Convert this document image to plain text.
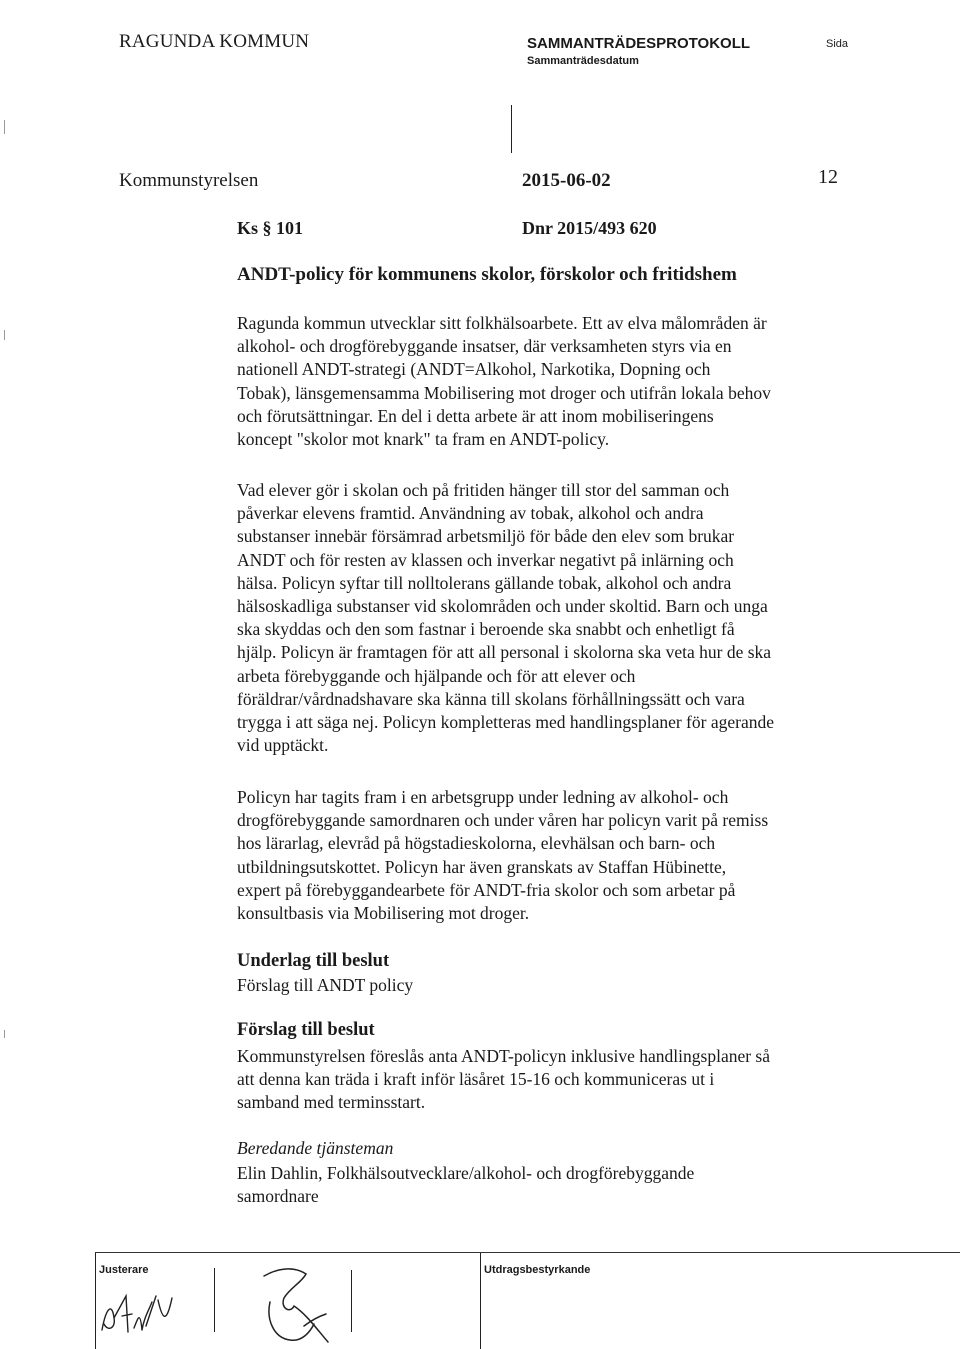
RAGUNDA KOMMUN	SAMMANTRÄDESPROTOKOLL
Sammanträdesdatum
Sida
Kommunstyrelsen	2015-06-02	12
Ks § 101	Dnr 2015/493 620
ANDT-policy för kommunens skolor, förskolor och fritidshem
Ragunda kommun utvecklar sitt folkhälsoarbete. Ett av elva målområden är
alkohol- och drogförebyggande insatser, där verksamheten styrs via en
nationell ANDT-strategi (ANDT=Alkohol, Narkotika, Dopning och
Tobak), länsgemensamma Mobilisering mot droger och utifrån lokala behov
och förutsättningar. En del i detta arbete är att inom mobiliseringens
koncept "skolor mot knark" ta fram en ANDT-policy.
Vad elever gör i skolan och på fritiden hänger till stor del samman och
påverkar elevens framtid. Användning av tobak, alkohol och andra
substanser innebär försämrad arbetsmiljö för både den elev som brukar
ANDT och för resten av klassen och inverkar negativt på inlärning och
hälsa. Policyn syftar till nolltolerans gällande tobak, alkohol och andra
hälsoskadliga substanser vid skolområden och under skoltid. Barn och unga
ska skyddas och den som fastnar i beroende ska snabbt och enhetligt få
hjälp. Policyn är framtagen för att all personal i skolorna ska veta hur de ska
arbeta förebyggande och hjälpande och för att elever och
föräldrar/vårdnadshavare ska känna till skolans förhållningssätt och vara
trygga i att säga nej. Policyn kompletteras med handlingsplaner för agerande
vid upptäckt.
Policyn har tagits fram i en arbetsgrupp under ledning av alkohol- och
drogförebyggande samordnaren och under våren har policyn varit på remiss
hos lärarlag, elevråd på högstadieskolorna, elevhälsan och barn- och
utbildningsutskottet. Policyn har även granskats av Staffan Hübinette,
expert på förebyggandearbete för ANDT-fria skolor och som arbetar på
konsultbasis via Mobilisering mot droger.
Underlag till beslut
Förslag till ANDT policy
Förslag till beslut
Kommunstyrelsen föreslås anta ANDT-policyn inklusive handlingsplaner så
att denna kan träda i kraft inför läsåret 15-16 och kommuniceras ut i
samband med terminsstart.
Beredande tjänsteman
Elin Dahlin, Folkhälsoutvecklare/alkohol- och drogförebyggande
samordnare
Justerare	Utdragsbestyrkande
